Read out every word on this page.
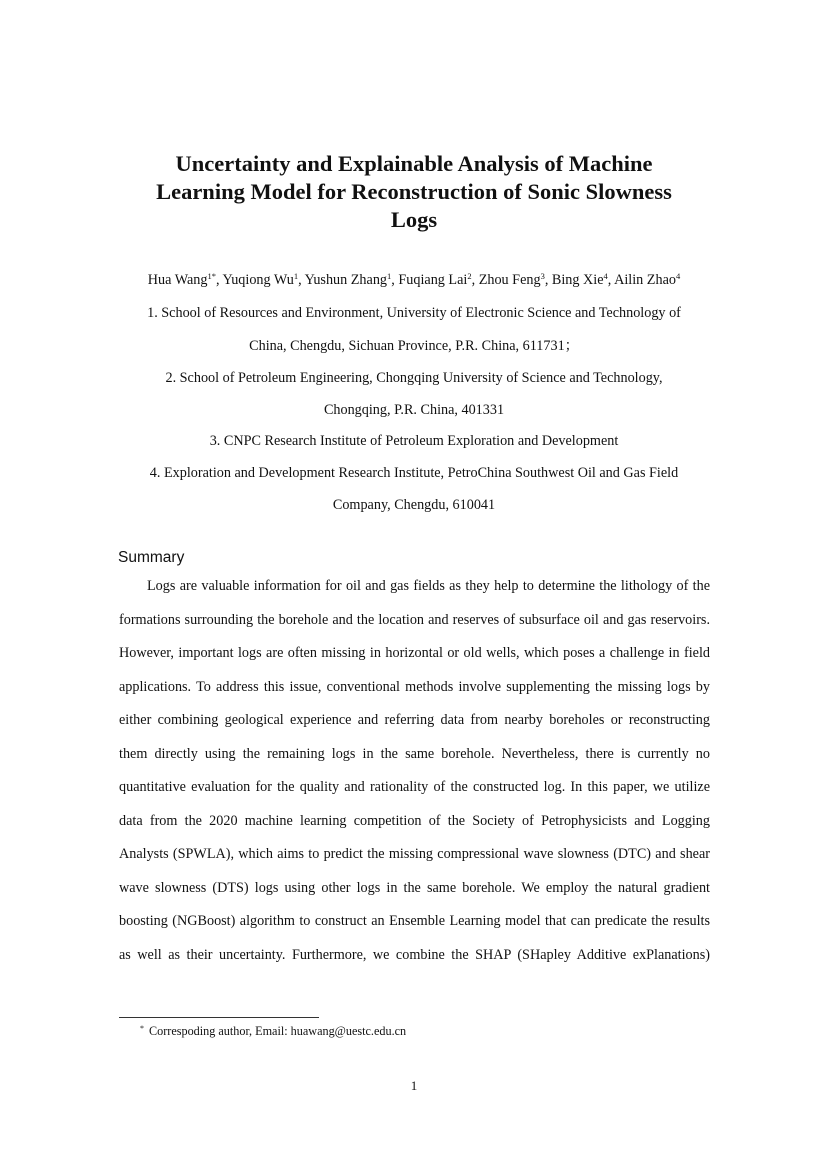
Uncertainty and Explainable Analysis of Machine
Learning Model for Reconstruction of Sonic Slowness
Logs
Hua Wang$^{1*}$, Yuqiong Wu$^1$, Yushun Zhang$^1$, Fuqiang Lai$^2$, Zhou Feng$^3$, Bing Xie$^4$, Ailin Zhao$^4$
1. School of Resources and Environment, University of Electronic Science and Technology of
China, Chengdu, Sichuan Province, P.R. China, 611731；
2. School of Petroleum Engineering, Chongqing University of Science and Technology,
Chongqing, P.R. China, 401331
3. CNPC Research Institute of Petroleum Exploration and Development
4. Exploration and Development Research Institute, PetroChina Southwest Oil and Gas Field
Company, Chengdu, 610041
Summary
Logs are valuable information for oil and gas fields as they help to determine the lithology of the
formations surrounding the borehole and the location and reserves of subsurface oil and gas reservoirs.
However, important logs are often missing in horizontal or old wells, which poses a challenge in field
applications. To address this issue, conventional methods involve supplementing the missing logs by
either combining geological experience and referring data from nearby boreholes or reconstructing
them directly using the remaining logs in the same borehole. Nevertheless, there is currently no
quantitative evaluation for the quality and rationality of the constructed log. In this paper, we utilize
data from the 2020 machine learning competition of the Society of Petrophysicists and Logging
Analysts (SPWLA), which aims to predict the missing compressional wave slowness (DTC) and shear
wave slowness (DTS) logs using other logs in the same borehole. We employ the natural gradient
boosting (NGBoost) algorithm to construct an Ensemble Learning model that can predicate the results
as well as their uncertainty. Furthermore, we combine the SHAP (SHapley Additive exPlanations)
* Correspoding author, Email: huawang@uestc.edu.cn
1
